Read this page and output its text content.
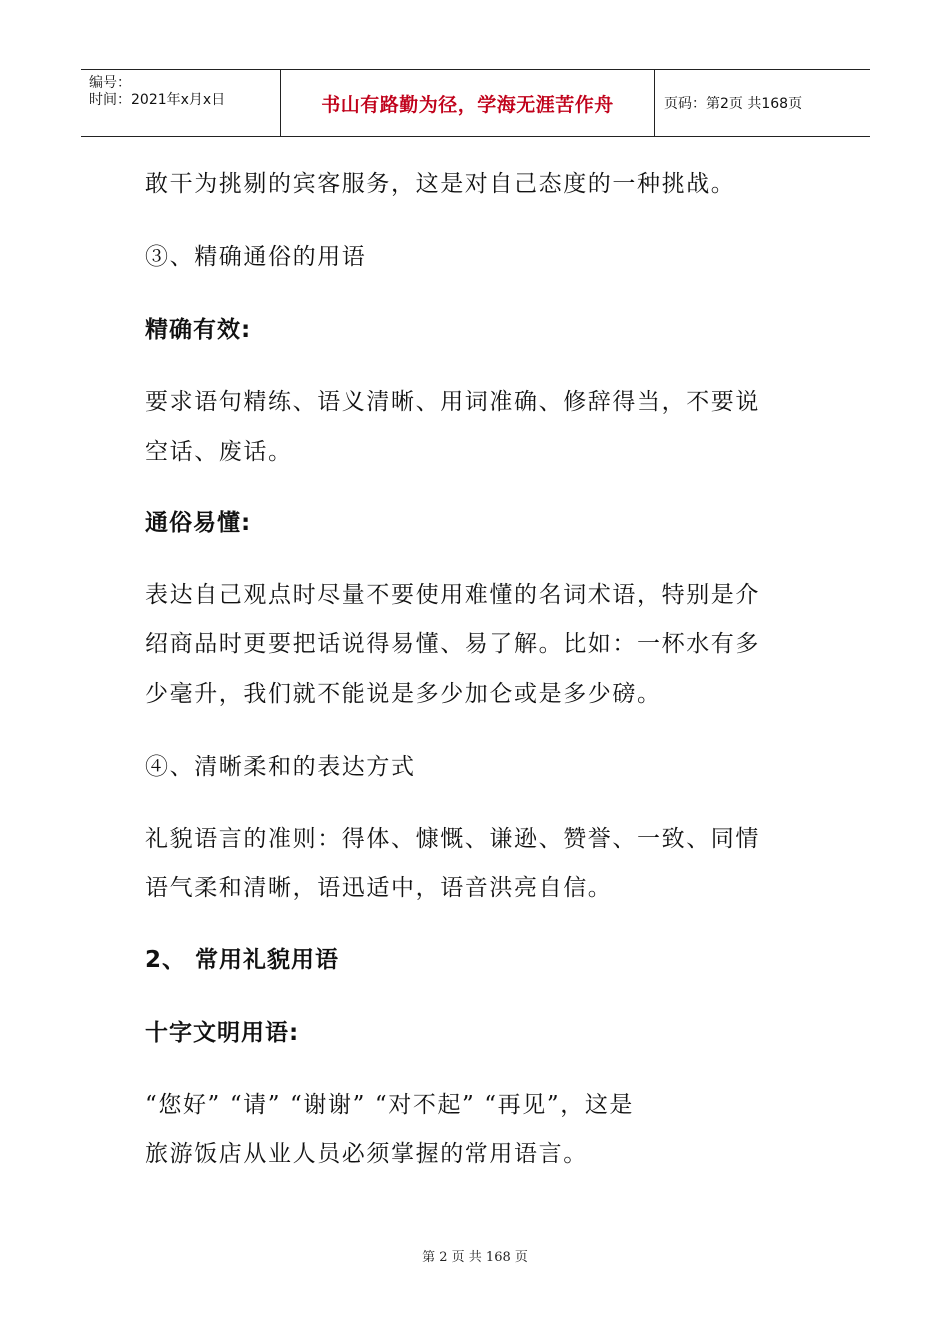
编号：
时间：2021年x月x日	书山有路勤为径，学海无涯苦作舟	页码：第2页 共168页
敢干为挑剔的宾客服务，这是对自己态度的一种挑战。
③、精确通俗的用语
精确有效:
要求语句精练、语义清晰、用词准确、修辞得当，不要说
空话、废话。
通俗易懂:
表达自己观点时尽量不要使用难懂的名词术语，特别是介
绍商品时更要把话说得易懂、易了解。比如：一杯水有多
少毫升，我们就不能说是多少加仑或是多少磅。
④、清晰柔和的表达方式
礼貌语言的准则：得体、慷慨、谦逊、赞誉、一致、同情
语气柔和清晰，语迅适中，语音洪亮自信。
2、 常用礼貌用语
十字文明用语:
“您好” “请” “谢谢” “对不起” “再见”，这是
旅游饭店从业人员必须掌握的常用语言。
第 2 页 共 168 页
